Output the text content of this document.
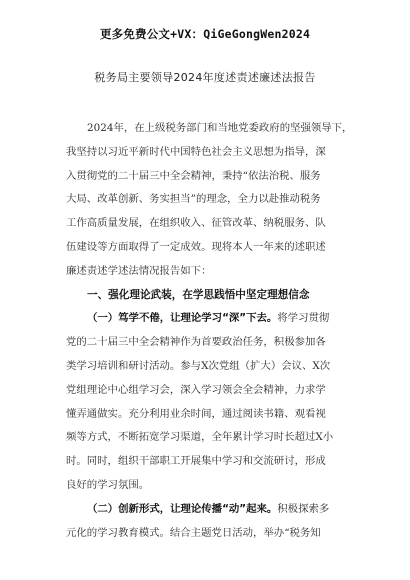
更多免费公文+VX：QiGeGongWen2024
税务局主要领导2024年度述责述廉述法报告
2024年，在上级税务部门和当地党委政府的坚强领导下，
我坚持以习近平新时代中国特色社会主义思想为指导，深
入贯彻党的二十届三中全会精神，秉持“依法治税、服务
大局、改革创新、务实担当”的理念，全力以赴推动税务
工作高质量发展，在组织收入、征管改革、纳税服务、队
伍建设等方面取得了一定成效。现将本人一年来的述职述
廉述责述学述法情况报告如下：
一、强化理论武装，在学思践悟中坚定理想信念
（一）笃学不倦，让理论学习“深”下去。将学习贯彻
党的二十届三中全会精神作为首要政治任务，积极参加各
类学习培训和研讨活动。参与X次党组（扩大）会议、X次
党组理论中心组学习会，深入学习领会全会精神，力求学
懂弄通做实。充分利用业余时间，通过阅读书籍、观看视
频等方式，不断拓宽学习渠道，全年累计学习时长超过X小
时。同时，组织干部职工开展集中学习和交流研讨，形成
良好的学习氛围。
（二）创新形式，让理论传播“动”起来。积极探索多
元化的学习教育模式。结合主题党日活动，举办“税务知
